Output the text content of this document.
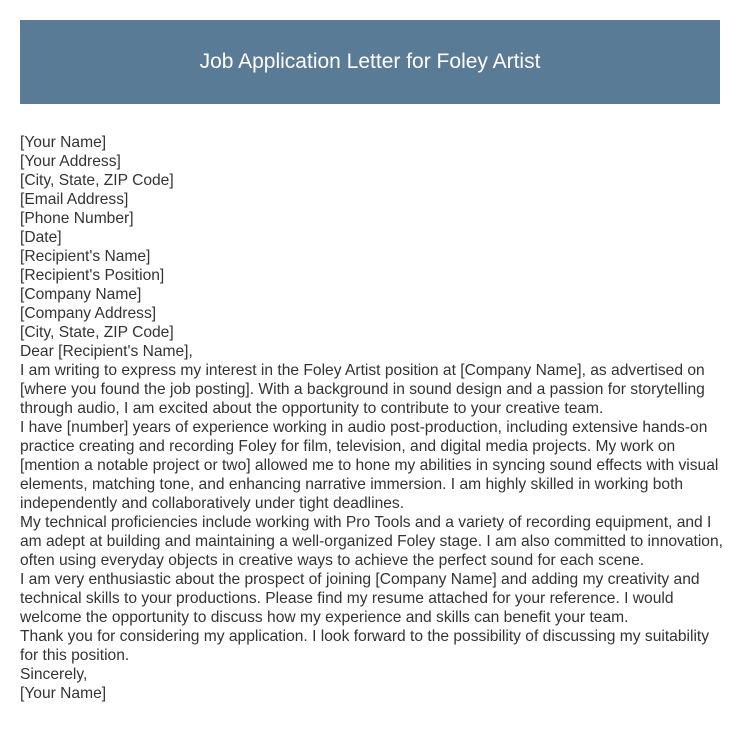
Job Application Letter for Foley Artist

[Your Name]

[Your Address]

[City, State, ZIP Code]

[Email Address]

[Phone Number]

[Date]

[Recipient's Name]

[Recipient's Position]

[Company Name]

[Company Address]

[City, State, ZIP Code]

Dear [Recipient's Name],

I am writing to express my interest in the Foley Artist position at [Company Name], as advertised on [where you found the job posting]. With a background in sound design and a passion for storytelling through audio, I am excited about the opportunity to contribute to your creative team.

I have [number] years of experience working in audio post-production, including extensive hands-on practice creating and recording Foley for film, television, and digital media projects. My work on [mention a notable project or two] allowed me to hone my abilities in syncing sound effects with visual elements, matching tone, and enhancing narrative immersion. I am highly skilled in working both independently and collaboratively under tight deadlines.

My technical proficiencies include working with Pro Tools and a variety of recording equipment, and I am adept at building and maintaining a well-organized Foley stage. I am also committed to innovation, often using everyday objects in creative ways to achieve the perfect sound for each scene.

I am very enthusiastic about the prospect of joining [Company Name] and adding my creativity and technical skills to your productions. Please find my resume attached for your reference. I would welcome the opportunity to discuss how my experience and skills can benefit your team.

Thank you for considering my application. I look forward to the possibility of discussing my suitability for this position.

Sincerely,

[Your Name]
